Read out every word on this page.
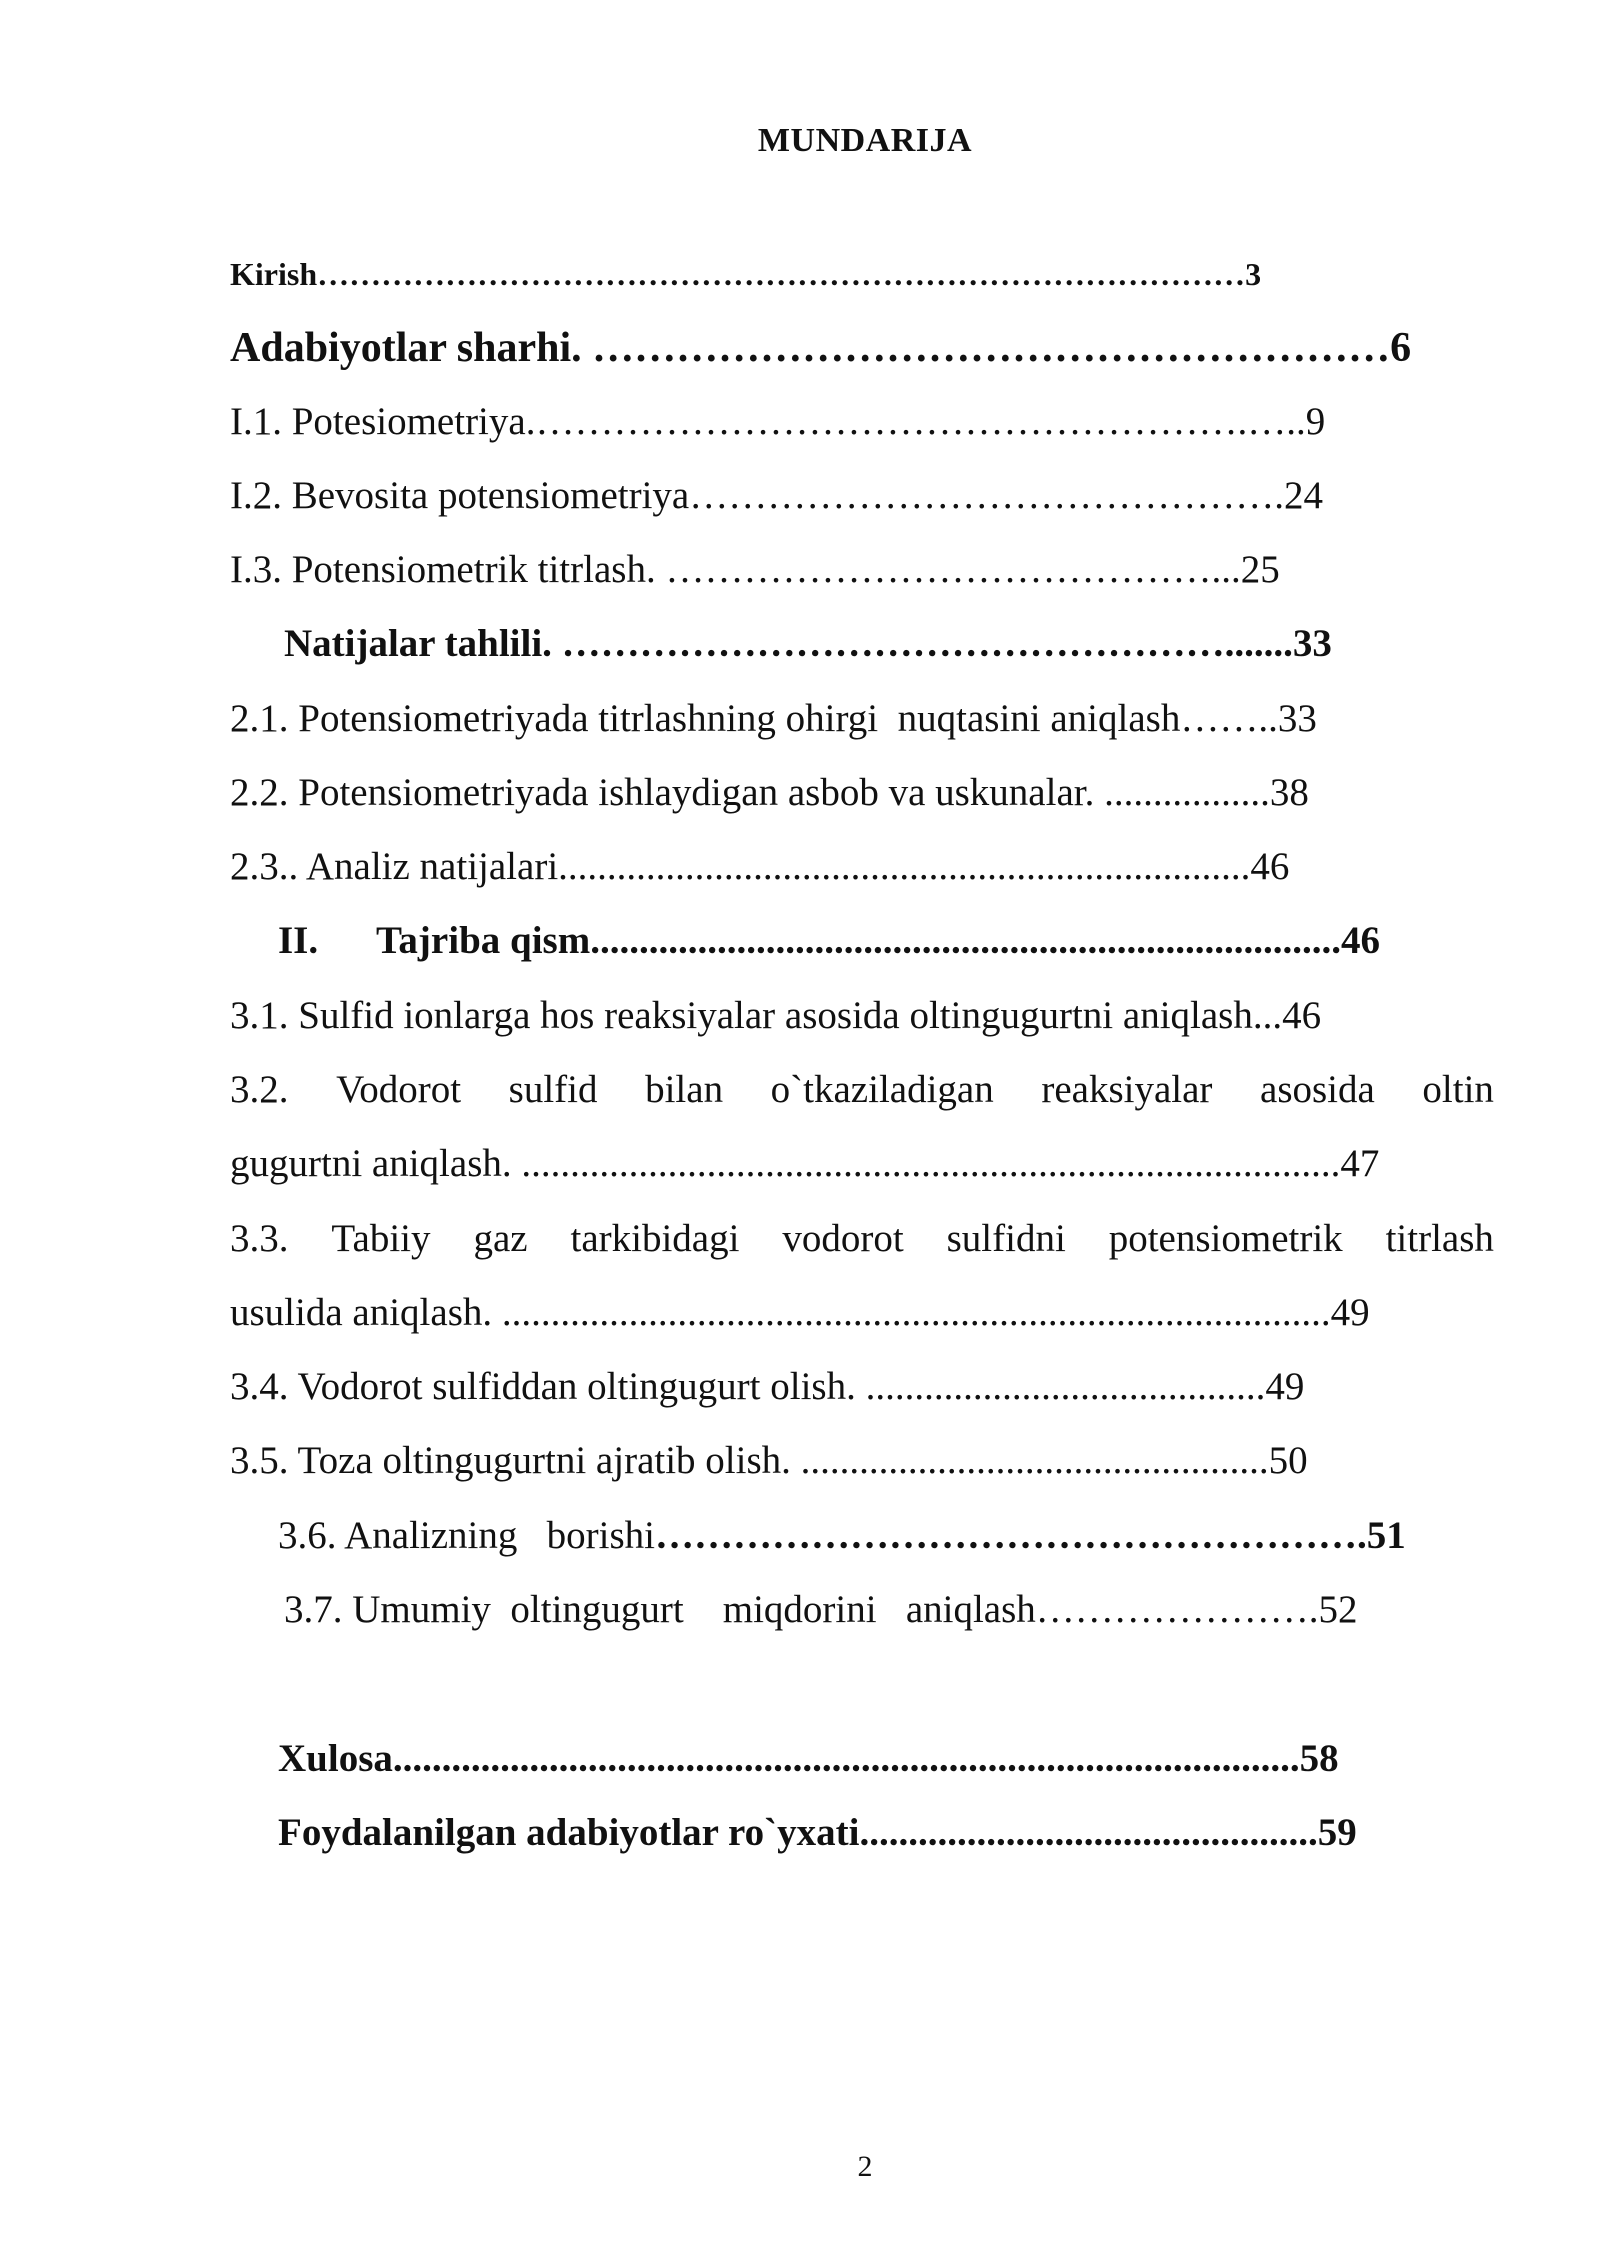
MUNDARIJA
Kirish……………………………………………………………………………3
Adabiyotlar sharhi. …………………………………………………6
I.1. Potesiometriya.……………………………………………….…..9
I.2. Bevosita potensiometriya……………………………………….24
I.3. Potensiometrik titrlash. ……………………………………...25
Natijalar tahlili. …………………………………………….......33
2.1. Potensiometriyada titrlashning ohirgi  nuqtasini aniqlash……..33
2.2. Potensiometriyada ishlaydigan asbob va uskunalar. .................38
2.3.. Analiz natijalari.......................................................................46
II. Tajriba qism.............................................................................46
3.1. Sulfid ionlarga hos reaksiyalar asosida oltingugurtni aniqlash...46
3.2. Vodorot sulfid bilan o`tkaziladigan reaksiyalar asosida oltin
gugurtni aniqlash. ....................................................................................47
3.3. Tabiiy gaz tarkibidagi vodorot sulfidni potensiometrik titrlash
usulida aniqlash. .....................................................................................49
3.4. Vodorot sulfiddan oltingugurt olish. .........................................49
3.5. Toza oltingugurtni ajratib olish. ................................................50
3.6. Analizning   borishi……………………………………………….51
3.7. Umumiy  oltingugurt    miqdorini   aniqlash………………….52
Xulosa.............................................................................................58
Foydalanilgan adabiyotlar ro`yxati...............................................59
2
